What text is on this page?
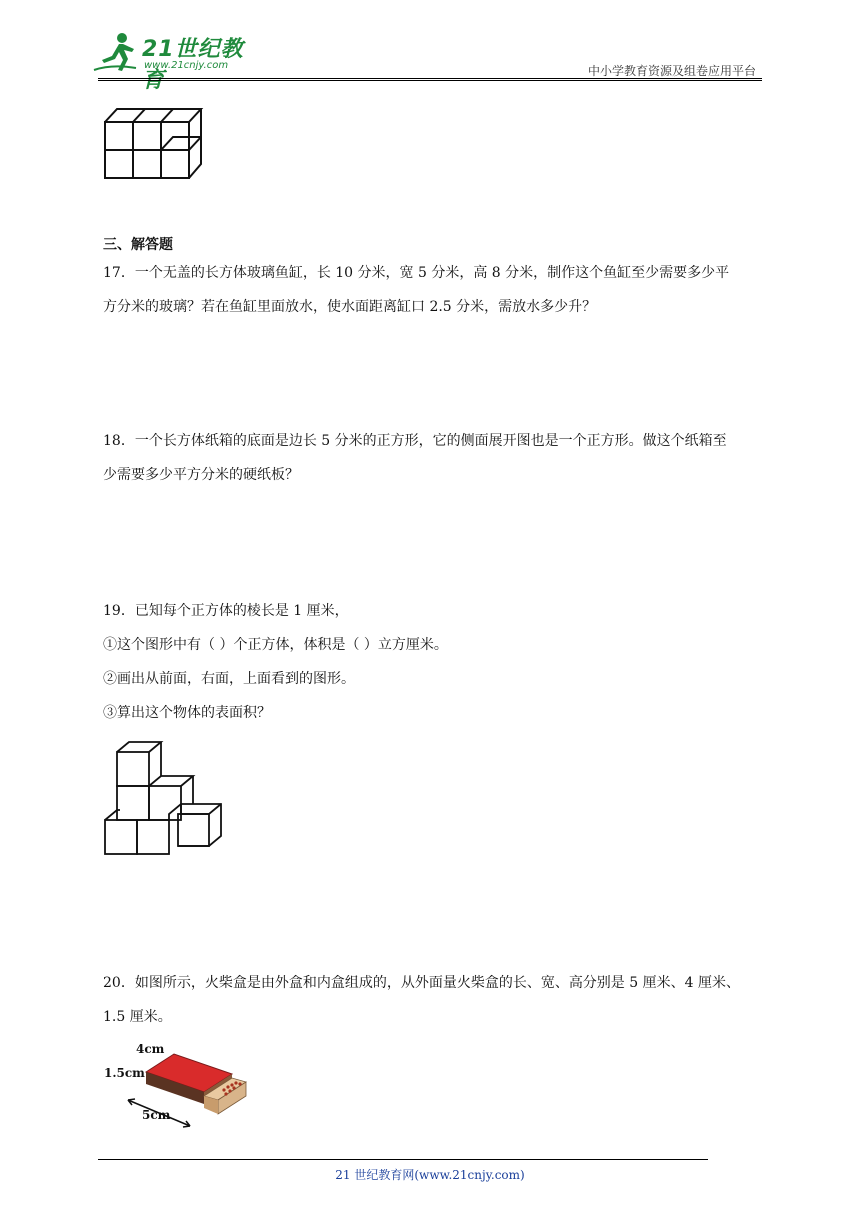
21世纪教
www.21cnjy.com	中小学教育资源及组卷应用平台
三、解答题
17．一个无盖的长方体玻璃鱼缸，长 10 分米，宽 5 分米，高 8 分米，制作这个鱼缸至少需要多少平
方分米的玻璃？若在鱼缸里面放水，使水面距离缸口 2.5 分米，需放水多少升？
18．一个长方体纸箱的底面是边长 5 分米的正方形，它的侧面展开图也是一个正方形。做这个纸箱至
少需要多少平方分米的硬纸板？
19．已知每个正方体的棱长是 1 厘米，
①这个图形中有（ ）个正方体，体积是（ ）立方厘米。
②画出从前面，右面，上面看到的图形。
③算出这个物体的表面积？
20．如图所示，火柴盒是由外盒和内盒组成的，从外面量火柴盒的长、宽、高分别是 5 厘米、4 厘米、
1.5 厘米。
4cm
1.5cm
5cm
21 世纪教育网(www.21cnjy.com)
